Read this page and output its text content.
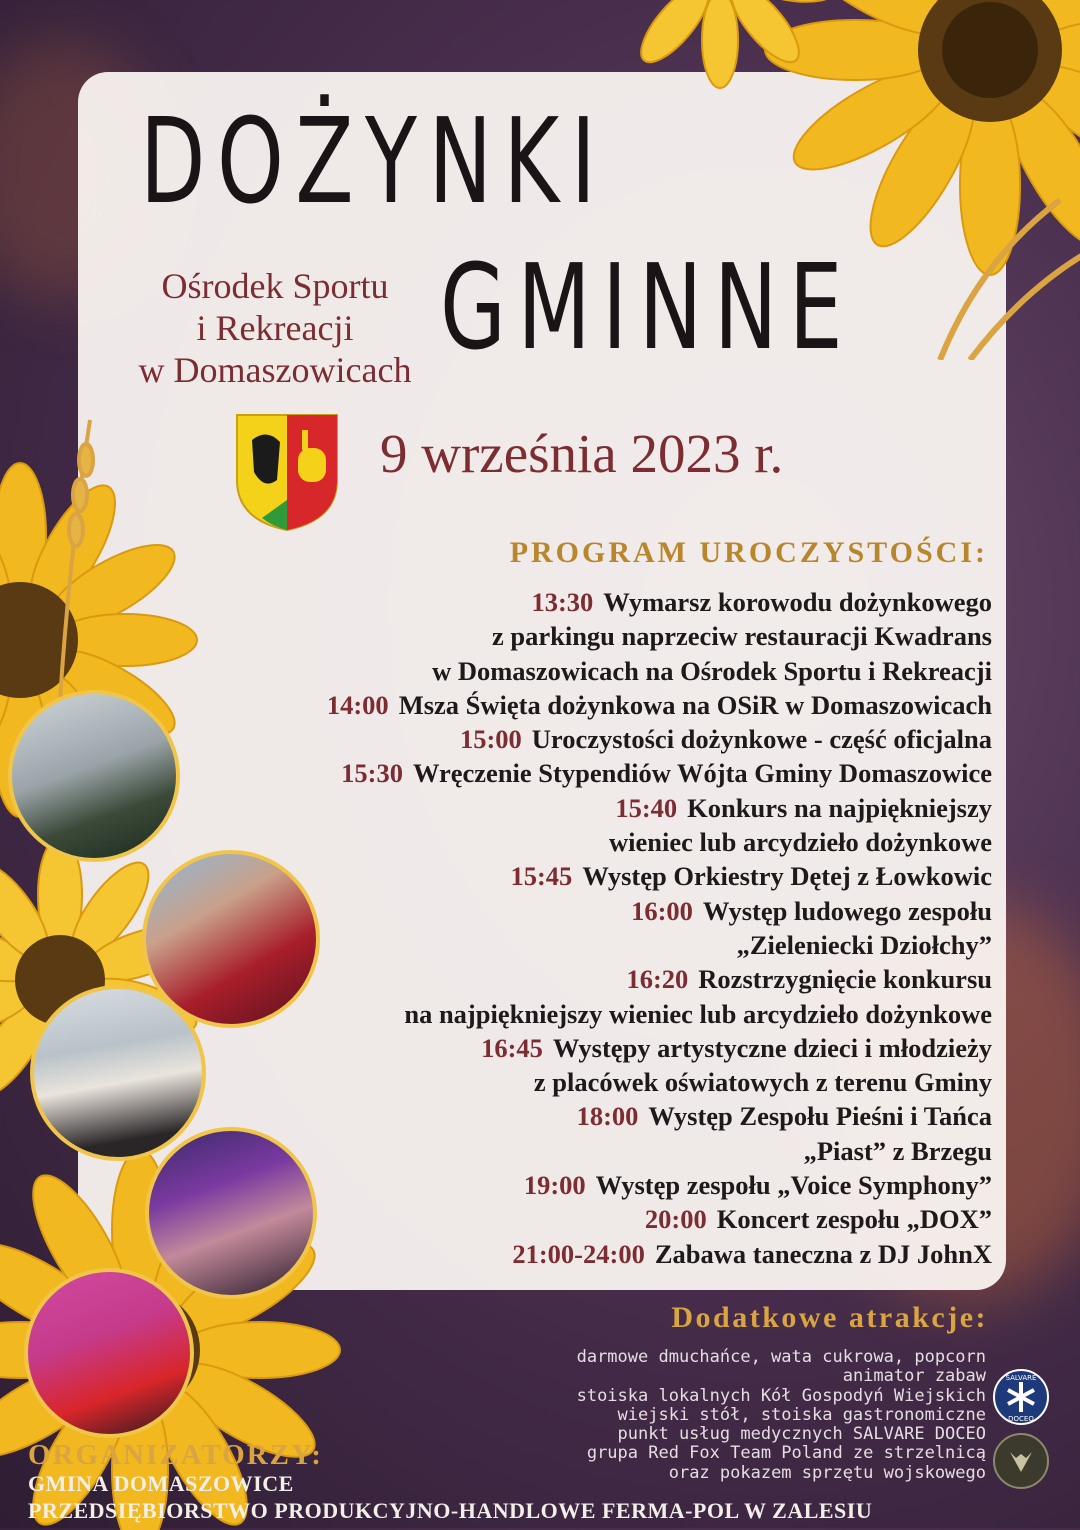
DOŻYNKI
GMINNE
Ośrodek Sportu
i Rekreacji
w Domaszowicach
9 września 2023 r.
PROGRAM UROCZYSTOŚCI:
13:30 Wymarsz korowodu dożynkowego
z parkingu naprzeciw restauracji Kwadrans
w Domaszowicach na Ośrodek Sportu i Rekreacji
14:00 Msza Święta dożynkowa na OSiR w Domaszowicach
15:00 Uroczystości dożynkowe - część oficjalna
15:30 Wręczenie Stypendiów Wójta Gminy Domaszowice
15:40 Konkurs na najpiękniejszy
wieniec lub arcydzieło dożynkowe
15:45 Występ Orkiestry Dętej z Łowkowic
16:00 Występ ludowego zespołu
„Zieleniecki Dziołchy”
16:20 Rozstrzygnięcie konkursu
na najpiękniejszy wieniec lub arcydzieło dożynkowe
16:45 Występy artystyczne dzieci i młodzieży
z placówek oświatowych z terenu Gminy
18:00 Występ Zespołu Pieśni i Tańca
„Piast” z Brzegu
19:00 Występ zespołu „Voice Symphony”
20:00 Koncert zespołu „DOX”
21:00-24:00 Zabawa taneczna z DJ JohnX
Dodatkowe atrakcje:
darmowe dmuchańce, wata cukrowa, popcorn
animator zabaw
stoiska lokalnych Kół Gospodyń Wiejskich
wiejski stół, stoiska gastronomiczne
punkt usług medycznych SALVARE DOCEO
grupa Red Fox Team Poland ze strzelnicą
oraz pokazem sprzętu wojskowego
SALVARE
DOCEO
ORGANIZATORZY:
GMINA DOMASZOWICE
PRZEDSIĘBIORSTWO PRODUKCYJNO-HANDLOWE FERMA-POL W ZALESIU
